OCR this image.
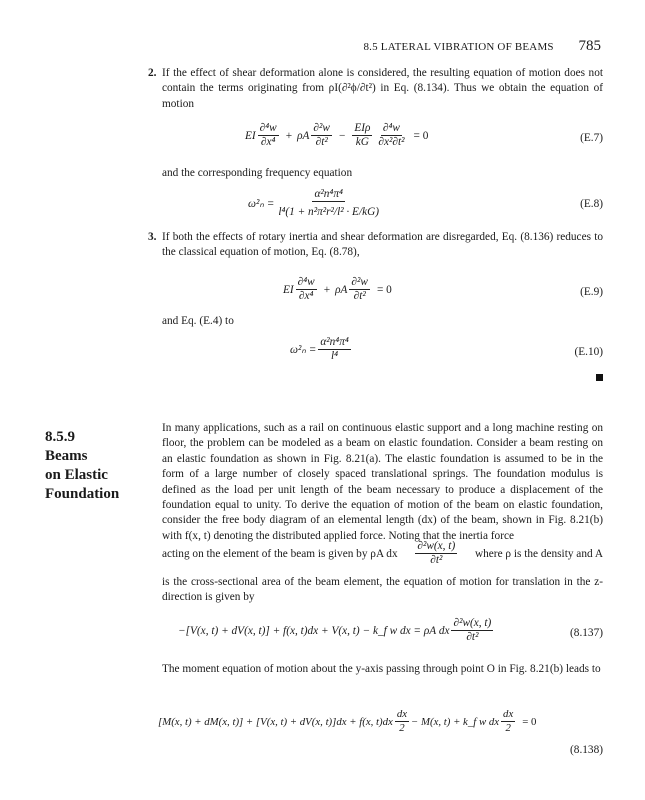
8.5 LATERAL VIBRATION OF BEAMS 785
2. If the effect of shear deformation alone is considered, the resulting equation of motion does not contain the terms originating from ρI(∂²ϕ/∂t²) in Eq. (8.134). Thus we obtain the equation of motion
EI $\frac{\text{∂⁴w}}{\text{∂x⁴}} + \rho A \frac{\text{∂²w}}{\text{∂t²}}$ −
EIρ
kG $\frac{\text{∂⁴w}}{\text{∂x²∂t²}} = 0$	(E.7)
and the corresponding frequency equation
$\omega^2_n = \frac{\text{α²n⁴π⁴}}{\text{l⁴(1 + n²π²r²/l² · E/kG)}}$	(E.8)
3. If both the effects of rotary inertia and shear deformation are disregarded, Eq. (8.136) reduces to the classical equation of motion, Eq. (8.78),
EI $\frac{\text{∂⁴w}}{\text{∂x⁴}} + \rho A \frac{\text{∂²w}}{\text{∂t²}} = 0$	(E.9)
and Eq. (E.4) to
$\omega^2_n = \frac{\text{α²n⁴π⁴}}{\text{l⁴}}$	(E.10)
8.5.9
Beams
on Elastic
Foundation
In many applications, such as a rail on continuous elastic support and a long machine resting on floor, the problem can be modeled as a beam on elastic foundation. Consider a beam resting on an elastic foundation as shown in Fig. 8.21(a). The elastic foundation is assumed to be in the form of a large number of closely spaced translational springs. The foundation modulus is defined as the load per unit length of the beam necessary to produce a displacement of the foundation equal to unity. To derive the equation of motion of the beam on elastic foundation, consider the free body diagram of an elemental length (dx) of the beam, shown in Fig. 8.21(b) with f(x, t) denoting the distributed applied force. Noting that the inertia force
acting on the element of the beam is given by ρA dx $\frac{\text{∂²w(x, t)}}{\text{∂t²}}$ where ρ is the density and A
is the cross-sectional area of the beam element, the equation of motion for translation in the z-direction is given by
−[V(x, t) + dV(x, t)] + f(x, t)dx + V(x, t) − k_f w dx = ρA dx $\frac{\text{∂²w(x, t)}}{\text{∂t²}}$	(8.137)
The moment equation of motion about the y-axis passing through point O in Fig. 8.21(b) leads to
[M(x, t) + dM(x, t)] + [V(x, t) + dV(x, t)]dx + f(x, $t)dx \frac{dx}{2} - M(x$, t) + k_f w dx $\frac{dx}{2} = 0$
(8.138)
